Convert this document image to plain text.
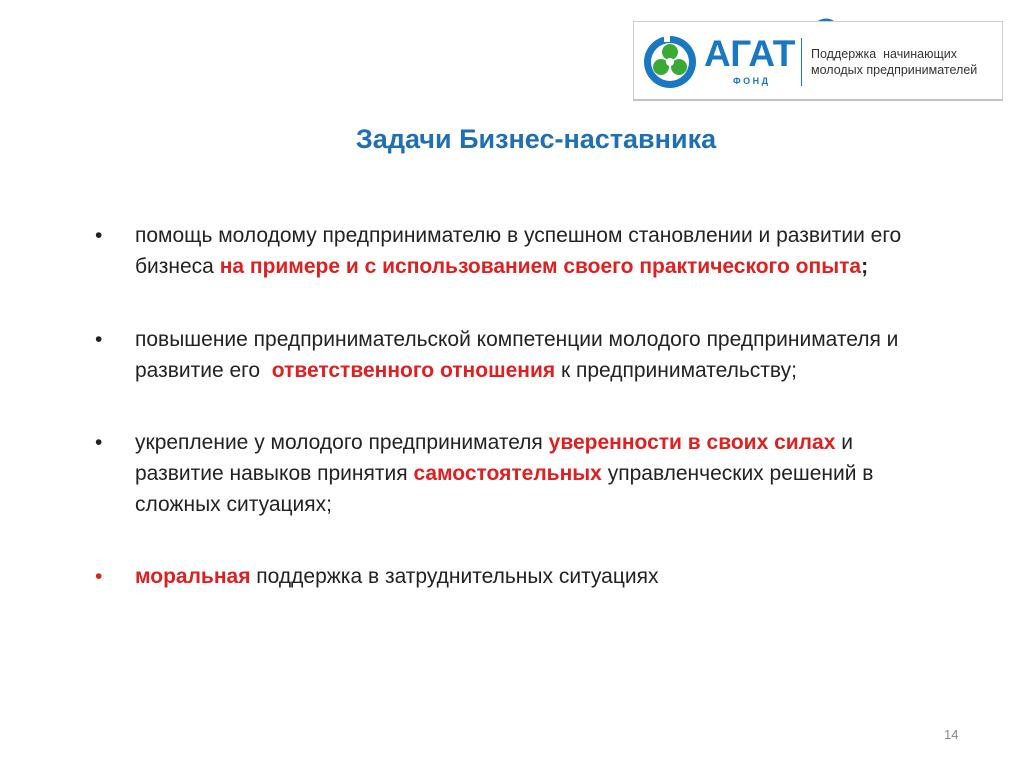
АГАТ
ФОНД
Поддержка  начинающих
молодых предпринимателей
Задачи Бизнес-наставника
• помощь молодому предпринимателю в успешном становлении и развитии его бизнеса на примере и с использованием своего практического опыта;
• повышение предпринимательской компетенции молодого предпринимателя и развитие его  ответственного отношения к предпринимательству;
• укрепление у молодого предпринимателя уверенности в своих силах и развитие навыков принятия самостоятельных управленческих решений в сложных ситуациях;
• моральная поддержка в затруднительных ситуациях
14
